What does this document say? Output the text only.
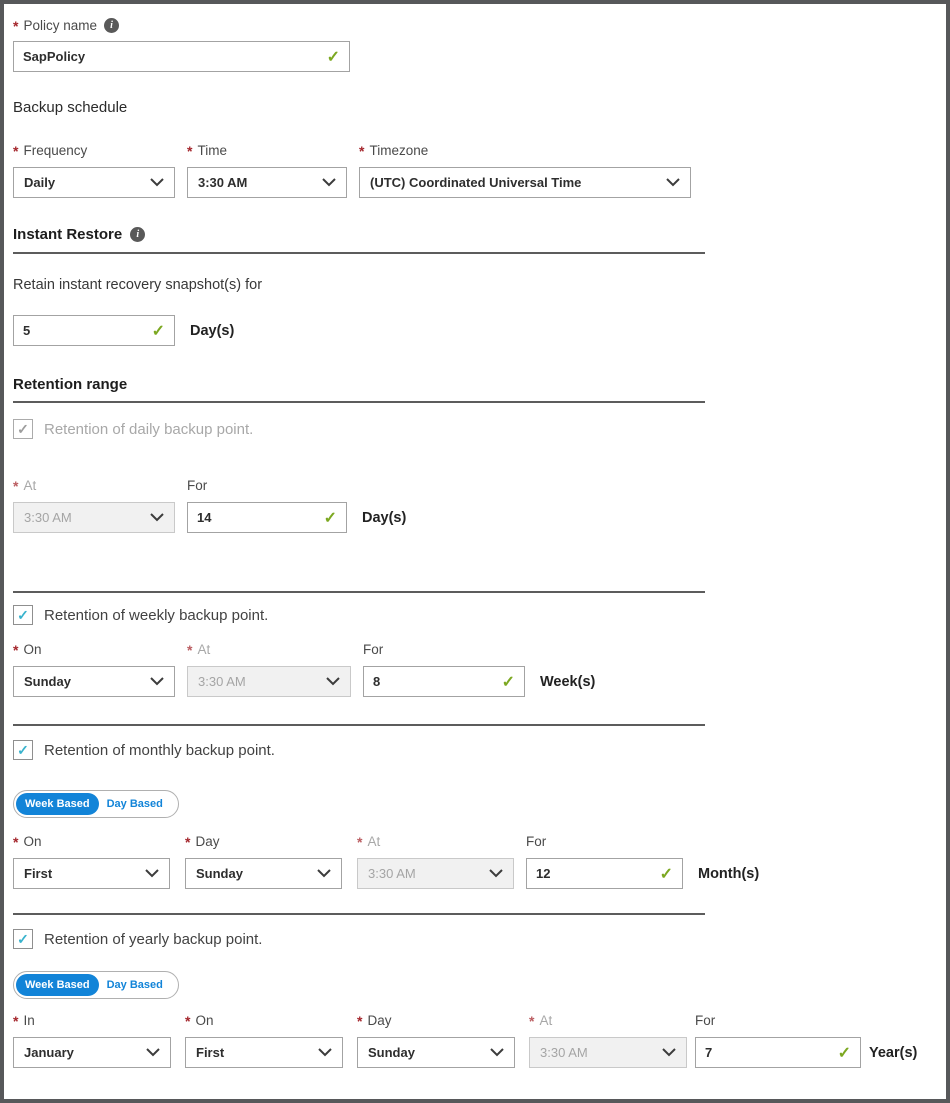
* Policy name	i
SapPolicy
✓
Backup schedule
* Frequency
Daily
* Time
3:30 AM
* Timezone
(UTC) Coordinated Universal Time
Instant Restore	i
Retain instant recovery snapshot(s) for
5
✓ Day(s)
Retention range
✓ Retention of daily backup point.
* At
3:30 AM
For
14
✓ Day(s)
✓ Retention of weekly backup point.
* On
Sunday
* At
3:30 AM
For
8
✓ Week(s)
✓ Retention of monthly backup point.
Week Based	Day Based
* On
First
* Day
Sunday
* At
3:30 AM
For
12
✓ Month(s)
✓ Retention of yearly backup point.
Week Based	Day Based
* In
January
* On
First
* Day
Sunday
* At
3:30 AM
For
7
✓ Year(s)
